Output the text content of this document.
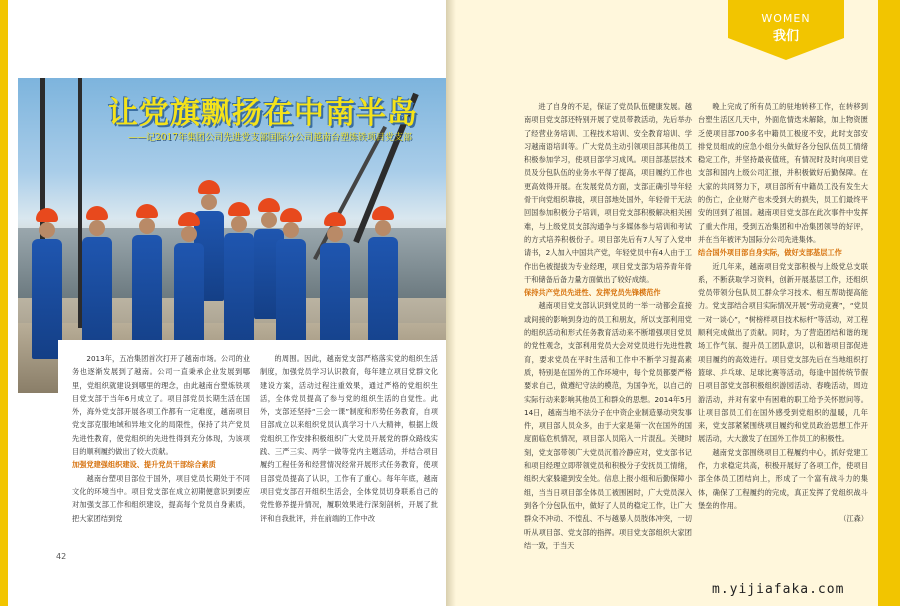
让党旗飘扬在中南半岛
——记2017年集团公司先进党支部国际分公司越南台塑炼铁项目党支部

2013年，五冶集团首次打开了越南市场。公司的业务也逐渐发展到了越南。公司一直秉承企业发展到哪里，党组织就建设到哪里的理念，由此越南台塑炼铁项目党支部于当年6月成立了。项目部党员长期生活在国外，海外党支部开展各项工作都有一定难度，越南项目党支部克服地域和异地文化的局限性，保持了共产党员先进性教育，使党组织的先进性得到充分体现，为该项目的顺利履约做出了较大贡献。

加强党建强组织建设、提升党员干部综合素质

越南台塑项目部位于国外，项目党员长期处于不同文化的环境当中。项目党支部在成立初期便意识到要应对加强支部工作和组织建设，提高每个党员自身素质，把大家团结到党

的周围。因此，越南党支部严格落实党的组织生活制度，加强党员学习认识教育，每年建立项目党群文化建设方案，活动过程注重效果，通过严格的党组织生活，全体党员提高了参与党的组织生活的自觉性。此外，支部还坚持“三会一课”制度和形势任务教育，自项目部成立以来组织党员认真学习十八大精神，根据上级党组织工作安排积极组织广大党员开展党的群众路线实践、三严三实、两学一做等党内主题活动，并结合项目履约工程任务和经营情况经常开展形式任务教育，使项目部党员提高了认识，工作有了重心。每年年底，越南项目党支部召开组织生活会，全体党员切身联系自己的党性修养提升情况，履职效果进行深刻剖析，开展了批评和自我批评，并在前端的工作中改

42
WOMEN
我们

进了自身的不足，保证了党员队伍健康发展。越南项目党支部还特别开展了党员带教活动，先后举办了经营业务培训、工程技术培训、安全教育培训、学习越南语培训等。广大党员主动引领项目部其他员工积极参加学习，使项目部学习成风。项目部基层技术员及分包队伍的业务水平得了提高，项目履约工作也更高效得开展。在发展党员方面，支部正确引导年轻骨干向党组织靠拢，项目部地处国外，年轻骨干无法回国参加积极分子培训，项目党支部积极解决相关困难，与上级党员支部沟通争与多媒体参与培训和考试的方式培养积极份子。项目部先后有7人写了入党申请书，2人加入中国共产党，年轻党员中有4人由于工作出色被提拔为专业经理，项目党支部为培养青年骨干和储备后备力量方面做出了较好成绩。

保持共产党员先进性、发挥党员先锋模范作

越南项目党支部认识到党员的一举一动都会直接或间接的影响到身边的员工和朋友，所以支部利用党的组织活动和形式任务教育活动来不断增强项目党员的党性观念，支部利用党员大会对党员进行先进性教育，要求党员在平时生活和工作中不断学习提高素质，特别是在国外的工作环境中，每个党员都要严格要求自己，做遵纪守法的模范，为国争光，以自己的实际行动来影响其他员工和群众的思想。2014年5月14日，越南当地不法分子在中资企业制造暴动突发事件，项目部人员众多，由于大家是第一次在国外的国度面临危机情况，项目部人员陷入一片混乱。关键时刻，党支部带领广大党员沉着冷静应对，党支部书记和项目经理立即带领党员和积极分子安抚员工情绪，组织大家躲避到安全处。信息上报小组和后勤保障小组，当当日项目部全体员工被围困时，广大党员深入到各个分包队伍中，做好了人员的稳定工作，让广大群众不冲动、不惶乱、不与越暴人员肢体冲突，一切听从项目部、党支部的指挥。项目党支部组织大家团结一致，于当天

晚上完成了所有员工的驻地转移工作，在转移到台塑生活区几天中，外面危情迭未解除，加上物资匮乏使项目部700多名中籍员工极度不安，此时支部安排党员组成的应急小组分头做好各分包队伍员工情绪稳定工作，并坚持最夜值班，有情况时及时向项目党支部和国内上级公司汇报，并积极做好后勤保障。在大家的共同努力下，项目部所有中籍员工没有发生大的伤亡，企业财产也未受到大的损失，员工们最终平安的回到了祖国。越南项目党支部在此次事件中发挥了重大作用，受到五冶集团和中冶集团领导的好评，并在当年被评为国际分公司先进集体。

结合国外项目部自身实际，做好支部基层工作

近几年来，越南项目党支部积极与上级党总支联系，不断获取学习资料，创新开展基层工作，还组织党员带领分包队员工群众学习技术、相互帮助提高能力。党支部结合项目实际情况开展“劳动竞赛”，“党员一对一谈心”，“树榜样项目技术标杆”等活动，对工程顺利完成做出了贡献。同时，为了营造团结和谐的现场工作气氛、提升员工团队意识，以和谐项目部促进项目履约的高效进行。项目党支部先后在当地组织打篮球、乒乓球、足球比赛等活动，每逢中国传统节假日项目部党支部积极组织游园活动、春晚活动，周边游活动，并对有家中有困难的职工给予关怀慰问等。让项目部员工们在国外感受到党组织的温暖，几年来，党支部紧紧围绕项目履约和党员政治思想工作开展活动，大大激发了在国外工作员工的积极性。

越南党支部围绕项目工程履约中心，抓好党建工作，力求稳定共高，积极开展好了各项工作，使项目部全体员工团结向上，形成了一个富有战斗力的集体，确保了工程履约的完成，真正发挥了党组织战斗堡垒的作用。

（江森）

m.yijiafaka.com
